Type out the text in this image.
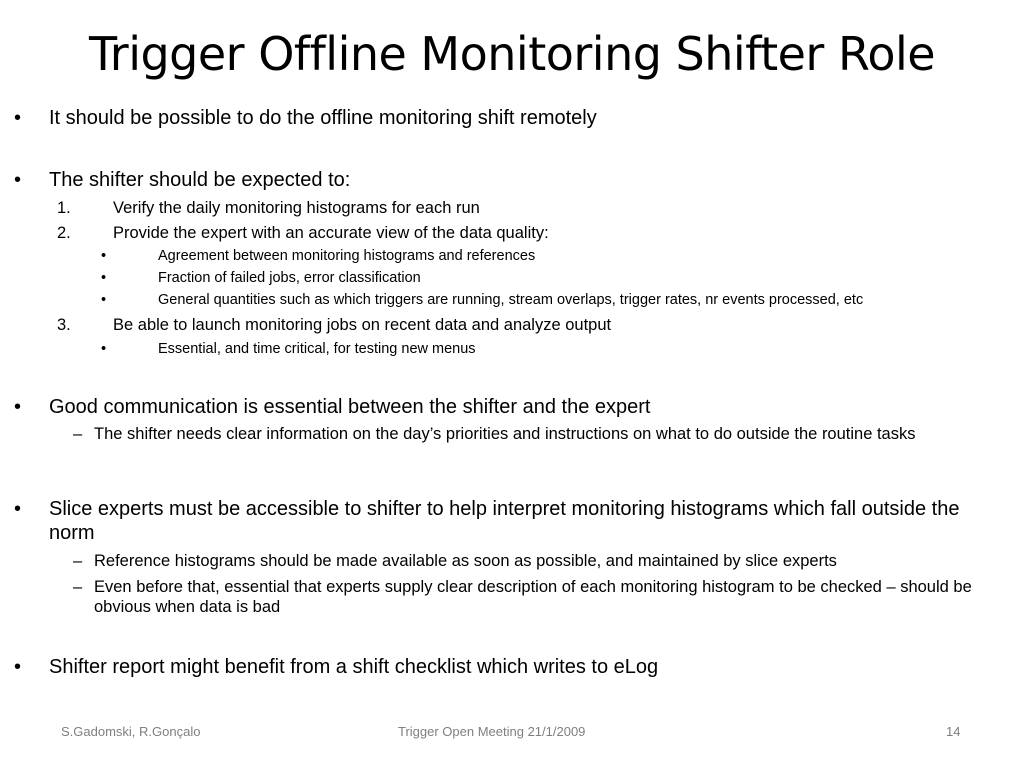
Trigger Offline Monitoring Shifter Role
• It should be possible to do the offline monitoring shift remotely
• The shifter should be expected to:
1.	Verify the daily monitoring histograms for each run
2.	Provide the expert with an accurate view of the data quality:
•	Agreement between monitoring histograms and references
•	Fraction of failed jobs, error classification
•	General quantities such as which triggers are running, stream overlaps, trigger rates, nr events processed, etc
3.	Be able to launch monitoring jobs on recent data and analyze output
•	Essential, and time critical, for testing new menus
• Good communication is essential between the shifter and the expert
– The shifter needs clear information on the day’s priorities and instructions on what to do outside the routine tasks
• Slice experts must be accessible to shifter to help interpret monitoring histograms which fall outside the norm
– Reference histograms should be made available as soon as possible, and maintained by slice experts
– Even before that, essential that experts supply clear description of each monitoring histogram to be checked – should be obvious when data is bad
• Shifter report might benefit from a shift checklist which writes to eLog
S.Gadomski, R.Gonçalo	Trigger Open Meeting 21/1/2009	14
